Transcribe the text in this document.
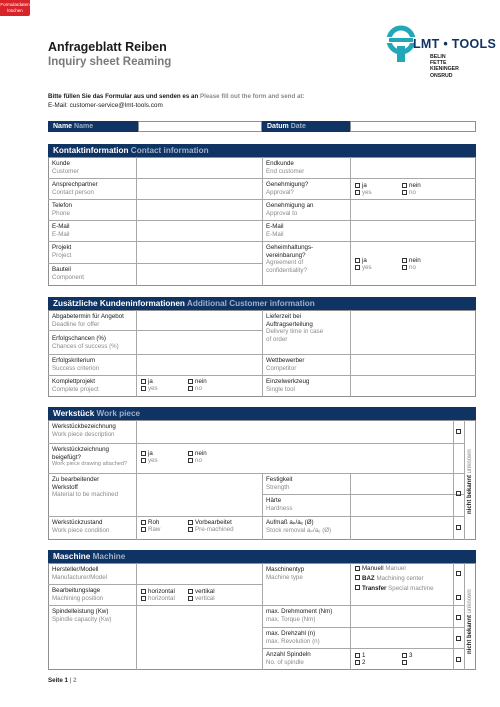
Formulardaten löschen
Anfrageblatt Reiben
Inquiry sheet Reaming
LMT • TOOLS
BELIN
FETTE
KIENINGER
ONSRUD
Bitte füllen Sie das Formular aus und senden es an Please fill out the form and send at:
E-Mail: customer-service@lmt-tools.com
Name Name	Datum Date
Kontaktinformation Contact information
Kunde
Customer
Ansprechpartner
Contact person
Telefon
Phone
E-Mail
E-Mail
Projekt
Project
Bauteil
Component
Endkunde
End customer
Genehmigung?
Approval?
Genehmigung an
Approval to
E-Mail
E-Mail
Geheimhaltungs-
vereinbarung?
Agreement of
confidentiality?
ja
yes
nein
no
ja
yes
nein
no
Zusätzliche Kundeninformationen Additional Customer information
Abgabetermin für Angebot
Deadline for offer
Erfolgschancen (%)
Chances of success (%)
Erfolgskriterium
Success criterion
Komplettprojekt
Complete project
ja
yes
nein
no
Lieferzeit bei
Auftragserteilung
Delivery time in case
of order
Wettbewerber
Competitor
Einzelwerkzeug
Single tool
Werkstück Work piece
Werkstückbezeichnung
Work piece description
Werkstückzeichnung
beigefügt?
Work piece drawing attached?
Zu bearbeitender
Werkstoff
Material to be machined
Werkstückzustand
Work piece condition
ja
yes
nein
no
Roh
Raw
Vorbearbeitet
Pre-machined
Festigkeit
Strength
Härte
Hardness
Aufmaß aₚ/aₑ (Ø)
Stock removal aₚ/aₑ (Ø)
nicht bekannt unknown
Maschine Machine
Hersteller/Modell
Manufacturer/Model
Bearbeitungslage
Machining position
Spindelleistung (Kw)
Spindle capacity (Kw)
horizontal
horizontal
vertikal
vertical
Maschinentyp
Machine type
max. Drehmoment (Nm)
max. Torque (Nm)
max. Drehzahl (n)
max. Revolution (n)
Anzahl Spindeln
No. of spindle
Manuell Manuel
BAZ Machining center
Transfer Special machine
1
2
3
nicht bekannt unknown
Seite 1 | 2
